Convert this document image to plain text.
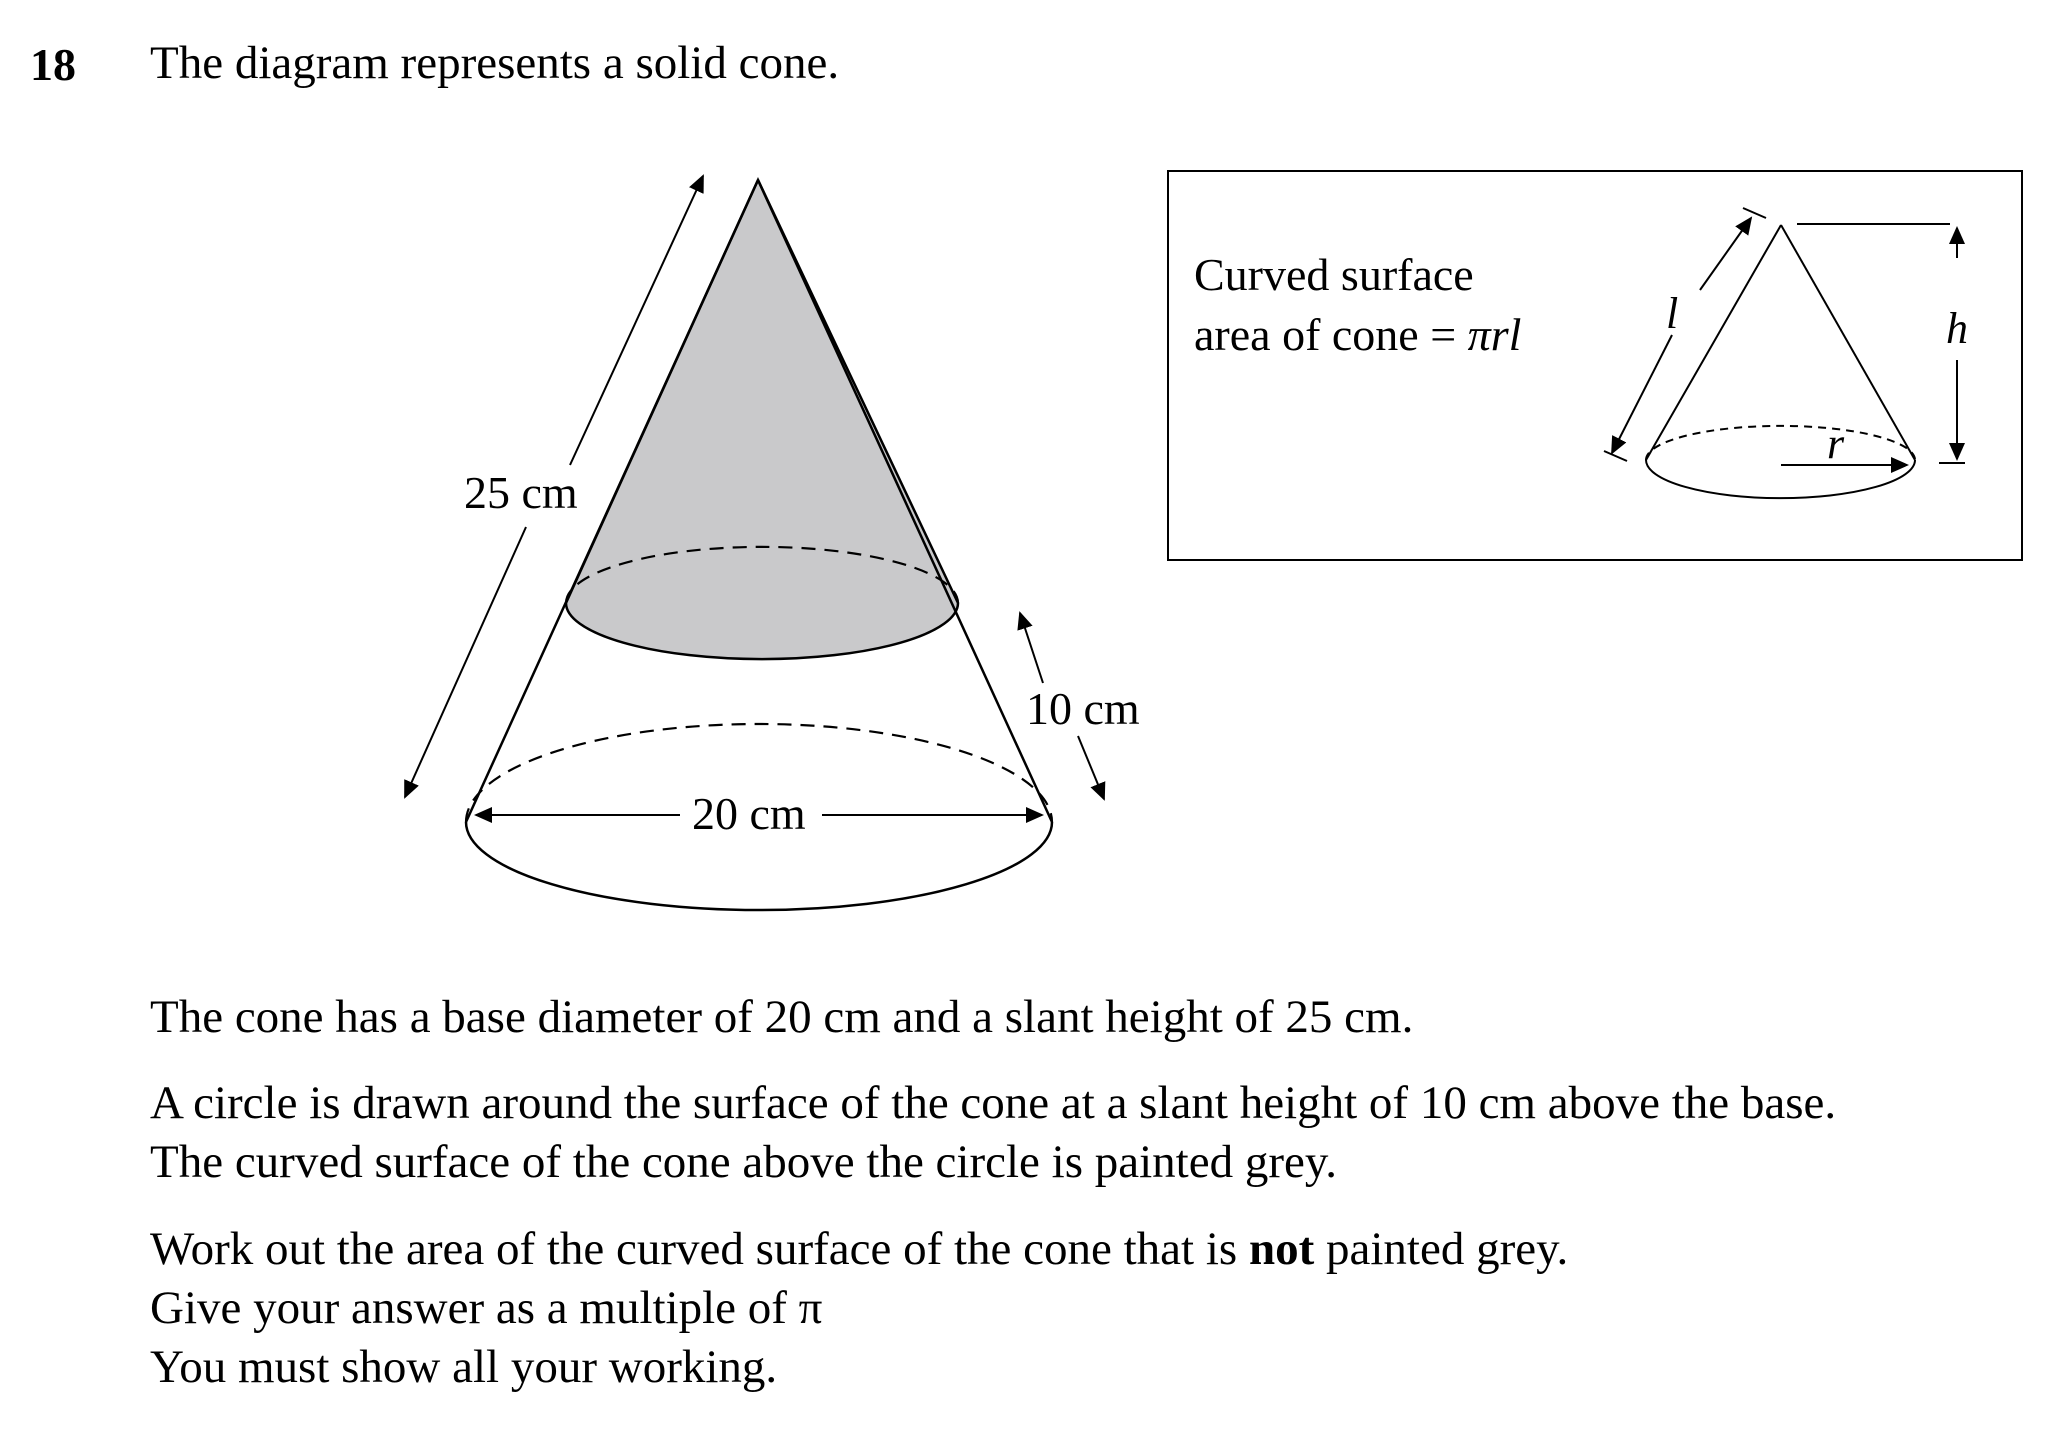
18 The diagram represents a solid cone.
25 cm
10 cm
20 cm
Curved surface
area of cone = πrl	l	h
r
The cone has a base diameter of 20 cm and a slant height of 25 cm.
A circle is drawn around the surface of the cone at a slant height of 10 cm above the base.
The curved surface of the cone above the circle is painted grey.
Work out the area of the curved surface of the cone that is not painted grey.
Give your answer as a multiple of π
You must show all your working.
